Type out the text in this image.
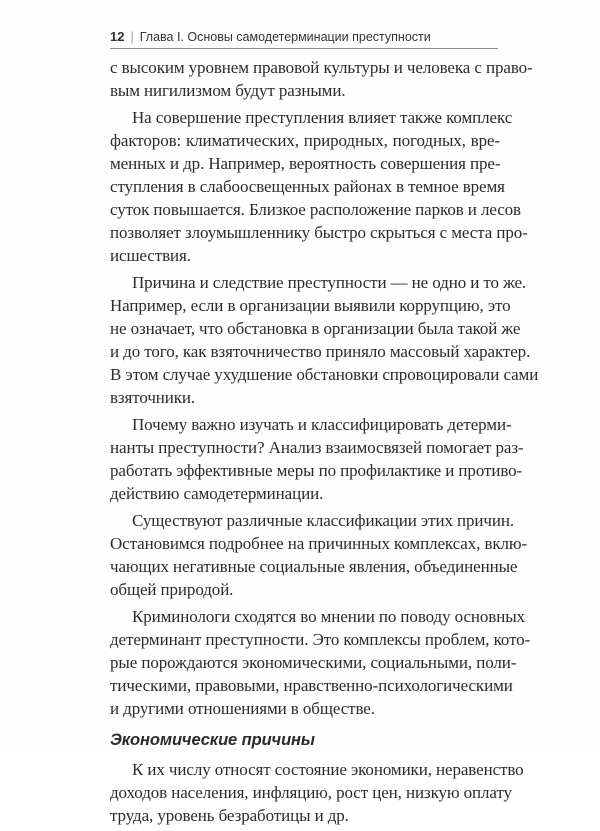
12 | Глава I. Основы самодетерминации преступности
с высоким уровнем правовой культуры и человека с право-
вым нигилизмом будут разными.
На совершение преступления влияет также комплекс
факторов: климатических, природных, погодных, вре-
менных и др. Например, вероятность совершения пре-
ступления в слабоосвещенных районах в темное время
суток повышается. Близкое расположение парков и лесов
позволяет злоумышленнику быстро скрыться с места про-
исшествия.
Причина и следствие преступности — не одно и то же.
Например, если в организации выявили коррупцию, это
не означает, что обстановка в организации была такой же
и до того, как взяточничество приняло массовый характер.
В этом случае ухудшение обстановки спровоцировали сами
взяточники.
Почему важно изучать и классифицировать детерми-
нанты преступности? Анализ взаимосвязей помогает раз-
работать эффективные меры по профилактике и противо-
действию самодетерминации.
Существуют различные классификации этих причин.
Остановимся подробнее на причинных комплексах, вклю-
чающих негативные социальные явления, объединенные
общей природой.
Криминологи сходятся во мнении по поводу основных
детерминант преступности. Это комплексы проблем, кото-
рые порождаются экономическими, социальными, поли-
тическими, правовыми, нравственно-психологическими
и другими отношениями в обществе.
Экономические причины
К их числу относят состояние экономики, неравенство
доходов населения, инфляцию, рост цен, низкую оплату
труда, уровень безработицы и др.
